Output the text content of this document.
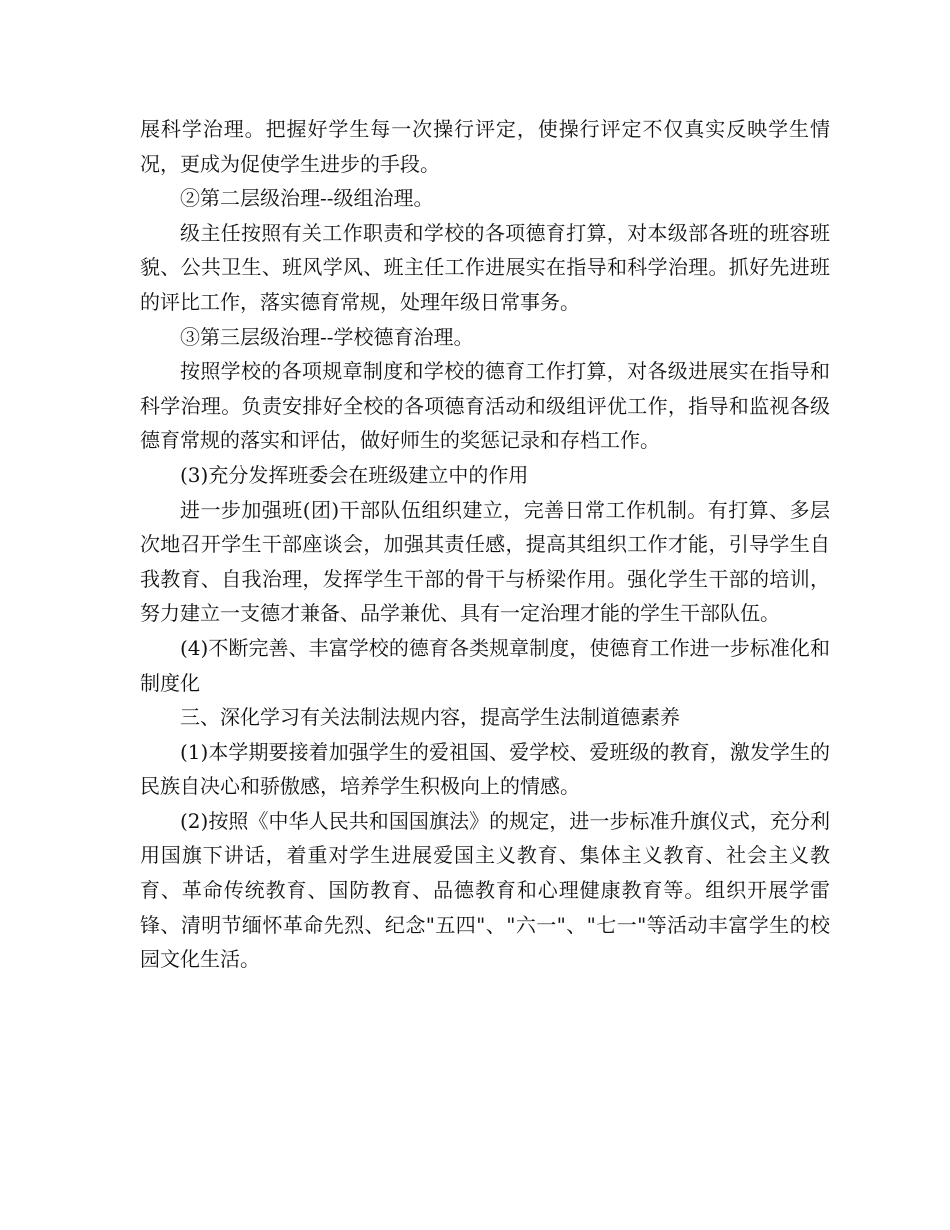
展科学治理。把握好学生每一次操行评定，使操行评定不仅真实反映学生情况，更成为促使学生进步的手段。

②第二层级治理--级组治理。

级主任按照有关工作职责和学校的各项德育打算，对本级部各班的班容班貌、公共卫生、班风学风、班主任工作进展实在指导和科学治理。抓好先进班的评比工作，落实德育常规，处理年级日常事务。

③第三层级治理--学校德育治理。

按照学校的各项规章制度和学校的德育工作打算，对各级进展实在指导和科学治理。负责安排好全校的各项德育活动和级组评优工作，指导和监视各级德育常规的落实和评估，做好师生的奖惩记录和存档工作。

(3)充分发挥班委会在班级建立中的作用

进一步加强班(团)干部队伍组织建立，完善日常工作机制。有打算、多层次地召开学生干部座谈会，加强其责任感，提高其组织工作才能，引导学生自我教育、自我治理，发挥学生干部的骨干与桥梁作用。强化学生干部的培训，努力建立一支德才兼备、品学兼优、具有一定治理才能的学生干部队伍。

(4)不断完善、丰富学校的德育各类规章制度，使德育工作进一步标准化和制度化

三、深化学习有关法制法规内容，提高学生法制道德素养

(1)本学期要接着加强学生的爱祖国、爱学校、爱班级的教育，激发学生的民族自决心和骄傲感，培养学生积极向上的情感。

(2)按照《中华人民共和国国旗法》的规定，进一步标准升旗仪式，充分利用国旗下讲话，着重对学生进展爱国主义教育、集体主义教育、社会主义教育、革命传统教育、国防教育、品德教育和心理健康教育等。组织开展学雷锋、清明节缅怀革命先烈、纪念"五四"、"六一"、"七一"等活动丰富学生的校园文化生活。
